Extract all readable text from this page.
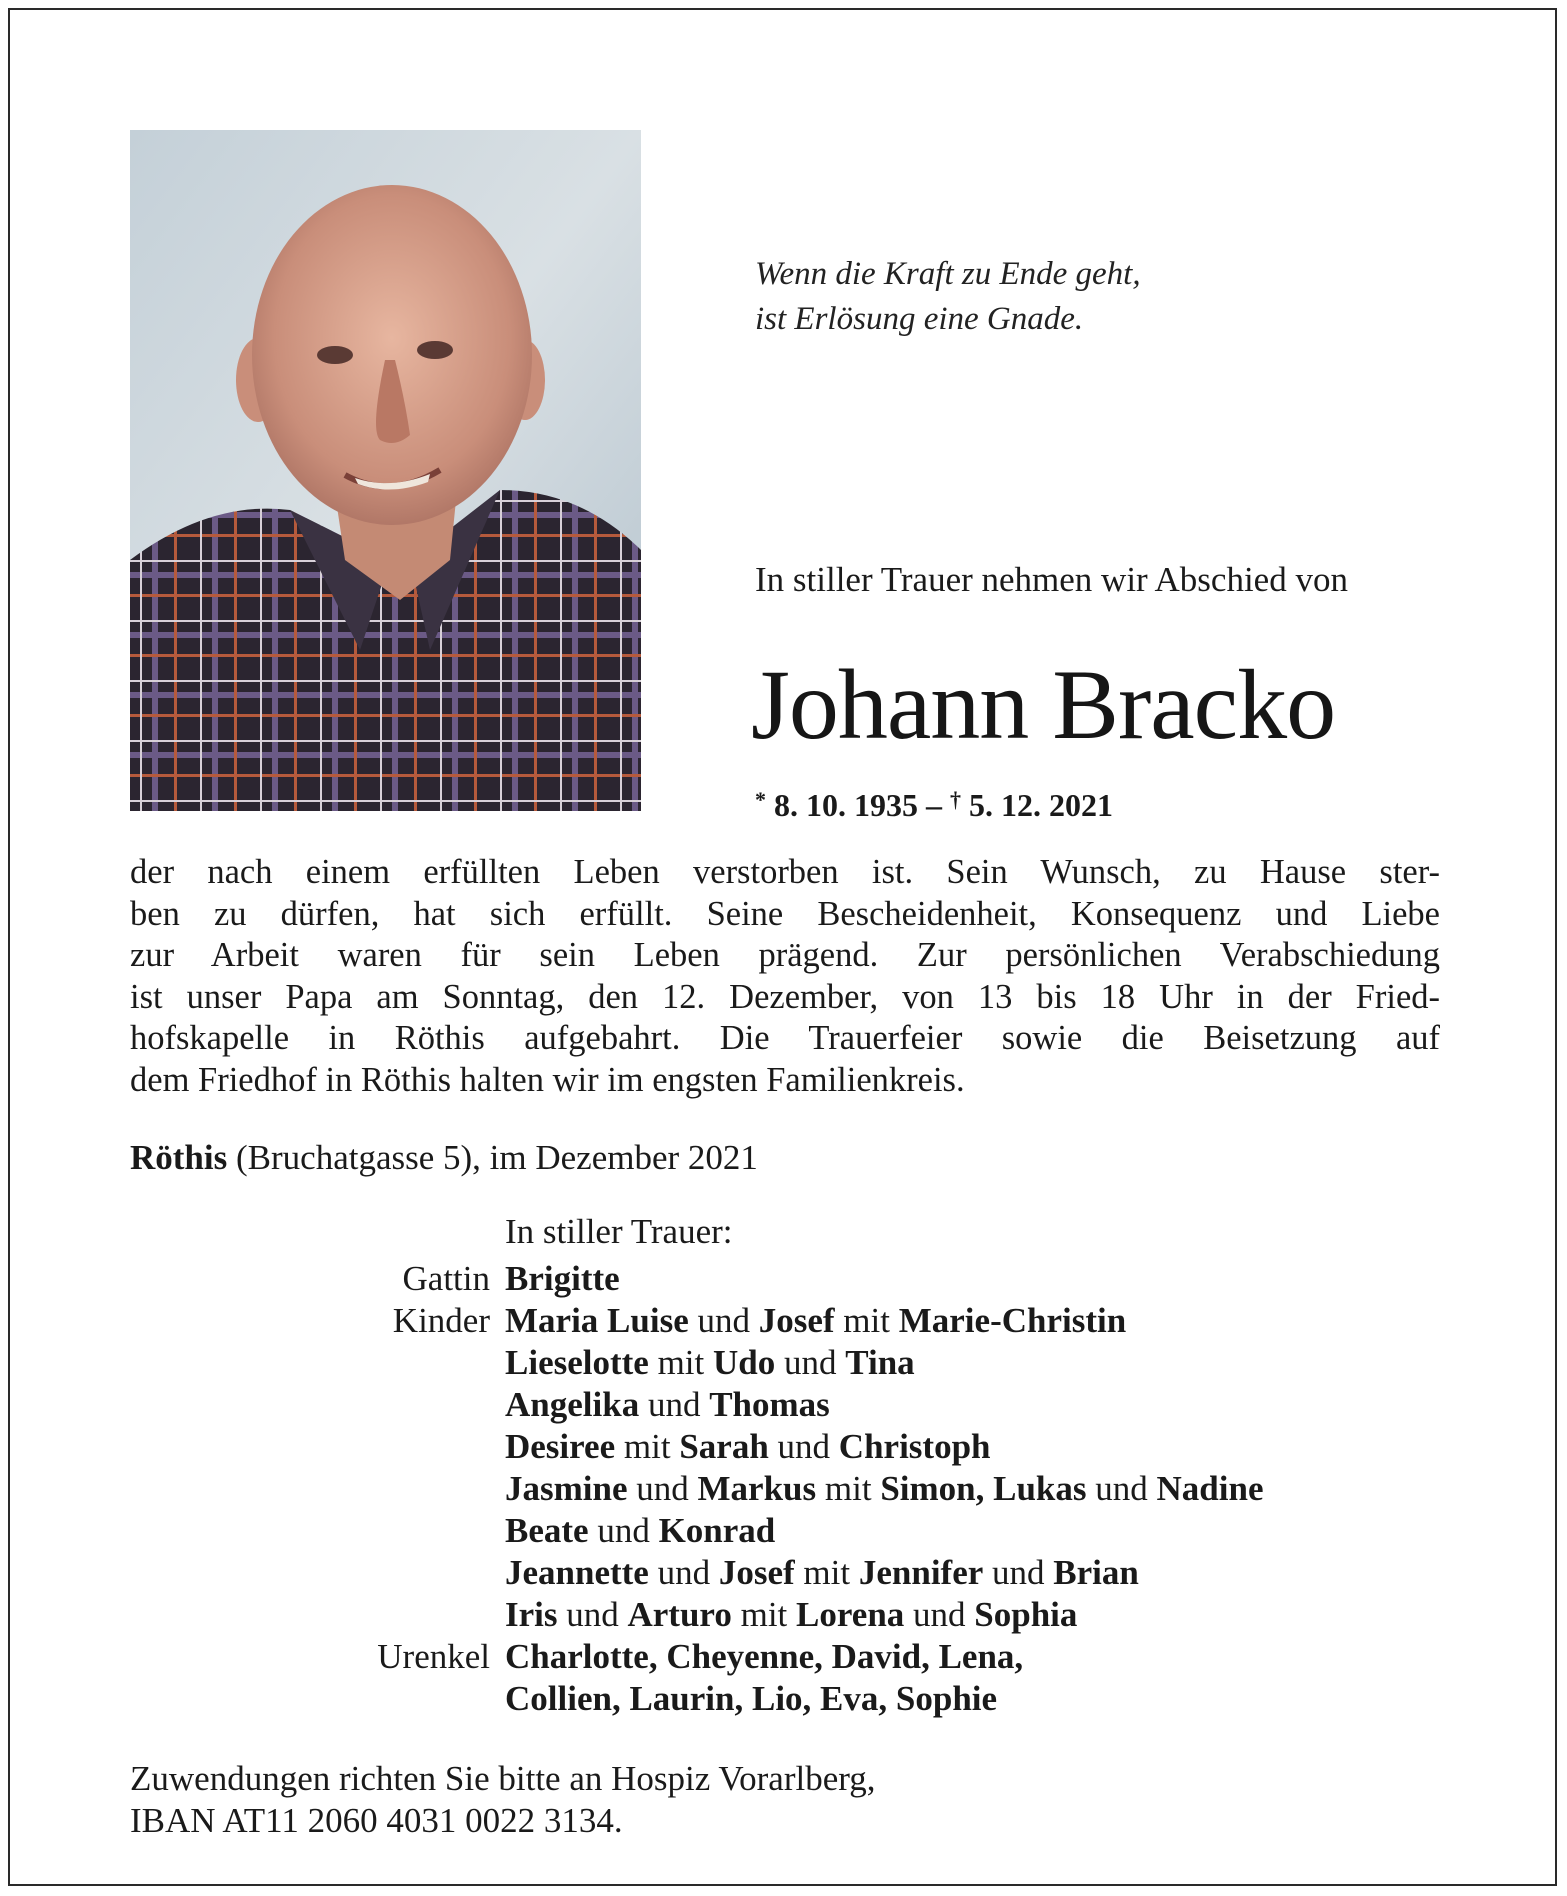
Wenn die Kraft zu Ende geht,
ist Erlösung eine Gnade.
In stiller Trauer nehmen wir Abschied von
Johann Bracko
* 8. 10. 1935 – † 5. 12. 2021
der nach einem erfüllten Leben verstorben ist. Sein Wunsch, zu Hause ster-
ben zu dürfen, hat sich erfüllt. Seine Bescheidenheit, Konsequenz und Liebe
zur Arbeit waren für sein Leben prägend. Zur persönlichen Verabschiedung
ist unser Papa am Sonntag, den 12. Dezember, von 13 bis 18 Uhr in der Fried-
hofskapelle in Röthis aufgebahrt. Die Trauerfeier sowie die Beisetzung auf
dem Friedhof in Röthis halten wir im engsten Familienkreis.
Röthis (Bruchatgasse 5), im Dezember 2021
In stiller Trauer:
Gattin Brigitte
Kinder Maria Luise und Josef mit Marie-Christin
Lieselotte mit Udo und Tina
Angelika und Thomas
Desiree mit Sarah und Christoph
Jasmine und Markus mit Simon, Lukas und Nadine
Beate und Konrad
Jeannette und Josef mit Jennifer und Brian
Iris und Arturo mit Lorena und Sophia
Urenkel Charlotte, Cheyenne, David, Lena,
Collien, Laurin, Lio, Eva, Sophie
Zuwendungen richten Sie bitte an Hospiz Vorarlberg,
IBAN AT11 2060 4031 0022 3134.
